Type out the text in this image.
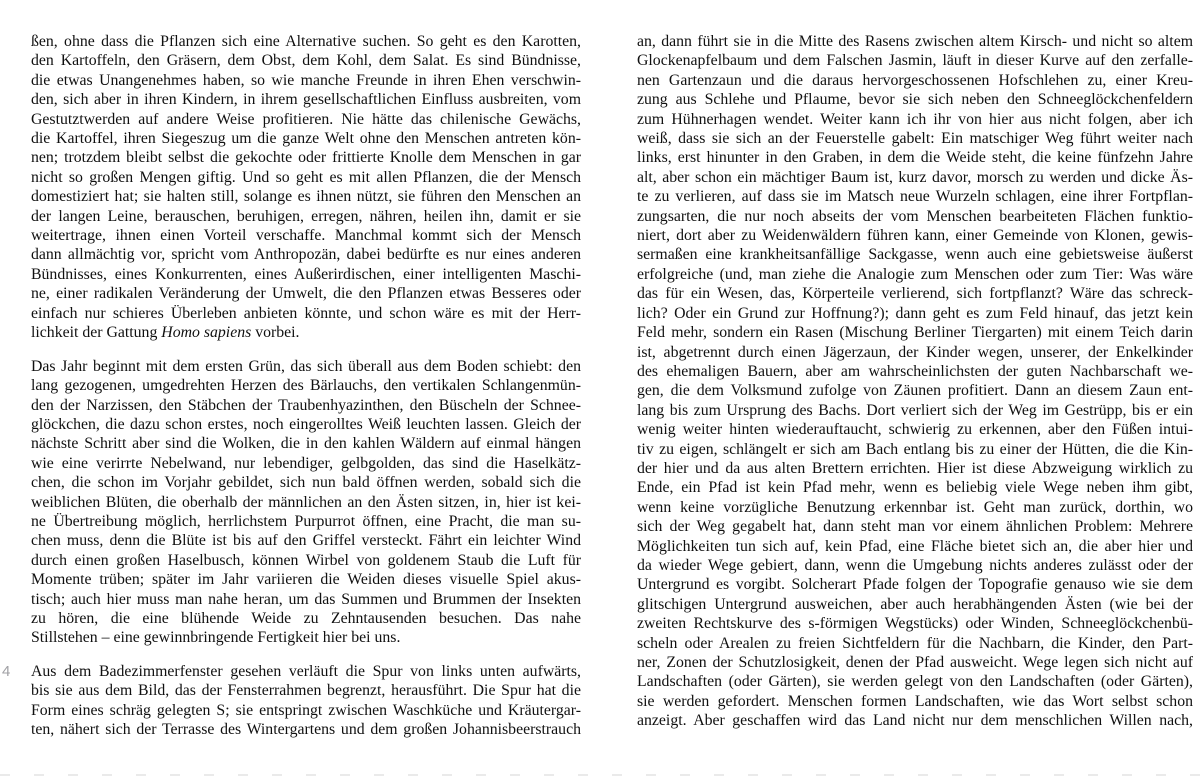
4
ßen, ohne dass die Pflanzen sich eine Alternative suchen. So geht es den Karotten,
den Kartoffeln, den Gräsern, dem Obst, dem Kohl, dem Salat. Es sind Bündnisse,
die etwas Unangenehmes haben, so wie manche Freunde in ihren Ehen verschwin-
den, sich aber in ihren Kindern, in ihrem gesellschaftlichen Einfluss ausbreiten, vom
Gestutztwerden auf andere Weise profitieren. Nie hätte das chilenische Gewächs,
die Kartoffel, ihren Siegeszug um die ganze Welt ohne den Menschen antreten kön-
nen; trotzdem bleibt selbst die gekochte oder frittierte Knolle dem Menschen in gar
nicht so großen Mengen giftig. Und so geht es mit allen Pflanzen, die der Mensch
domestiziert hat; sie halten still, solange es ihnen nützt, sie führen den Menschen an
der langen Leine, berauschen, beruhigen, erregen, nähren, heilen ihn, damit er sie
weitertrage, ihnen einen Vorteil verschaffe. Manchmal kommt sich der Mensch
dann allmächtig vor, spricht vom Anthropozän, dabei bedürfte es nur eines anderen
Bündnisses, eines Konkurrenten, eines Außerirdischen, einer intelligenten Maschi-
ne, einer radikalen Veränderung der Umwelt, die den Pflanzen etwas Besseres oder
einfach nur schieres Überleben anbieten könnte, und schon wäre es mit der Herr-
lichkeit der Gattung Homo sapiens vorbei.
Das Jahr beginnt mit dem ersten Grün, das sich überall aus dem Boden schiebt: den
lang gezogenen, umgedrehten Herzen des Bärlauchs, den vertikalen Schlangenmün-
den der Narzissen, den Stäbchen der Traubenhyazinthen, den Büscheln der Schnee-
glöckchen, die dazu schon erstes, noch eingerolltes Weiß leuchten lassen. Gleich der
nächste Schritt aber sind die Wolken, die in den kahlen Wäldern auf einmal hängen
wie eine verirrte Nebelwand, nur lebendiger, gelbgolden, das sind die Haselkätz-
chen, die schon im Vorjahr gebildet, sich nun bald öffnen werden, sobald sich die
weiblichen Blüten, die oberhalb der männlichen an den Ästen sitzen, in, hier ist kei-
ne Übertreibung möglich, herrlichstem Purpurrot öffnen, eine Pracht, die man su-
chen muss, denn die Blüte ist bis auf den Griffel versteckt. Fährt ein leichter Wind
durch einen großen Haselbusch, können Wirbel von goldenem Staub die Luft für
Momente trüben; später im Jahr variieren die Weiden dieses visuelle Spiel akus-
tisch; auch hier muss man nahe heran, um das Summen und Brummen der Insekten
zu hören, die eine blühende Weide zu Zehntausenden besuchen. Das nahe
Stillstehen – eine gewinnbringende Fertigkeit hier bei uns.
Aus dem Badezimmerfenster gesehen verläuft die Spur von links unten aufwärts,
bis sie aus dem Bild, das der Fensterrahmen begrenzt, herausführt. Die Spur hat die
Form eines schräg gelegten S; sie entspringt zwischen Waschküche und Kräutergar-
ten, nähert sich der Terrasse des Wintergartens und dem großen Johannisbeerstrauch
an, dann führt sie in die Mitte des Rasens zwischen altem Kirsch- und nicht so altem
Glockenapfelbaum und dem Falschen Jasmin, läuft in dieser Kurve auf den zerfalle-
nen Gartenzaun und die daraus hervorgeschossenen Hofschlehen zu, einer Kreu-
zung aus Schlehe und Pflaume, bevor sie sich neben den Schneeglöckchenfeldern
zum Hühnerhagen wendet. Weiter kann ich ihr von hier aus nicht folgen, aber ich
weiß, dass sie sich an der Feuerstelle gabelt: Ein matschiger Weg führt weiter nach
links, erst hinunter in den Graben, in dem die Weide steht, die keine fünfzehn Jahre
alt, aber schon ein mächtiger Baum ist, kurz davor, morsch zu werden und dicke Äs-
te zu verlieren, auf dass sie im Matsch neue Wurzeln schlagen, eine ihrer Fortpflan-
zungsarten, die nur noch abseits der vom Menschen bearbeiteten Flächen funktio-
niert, dort aber zu Weidenwäldern führen kann, einer Gemeinde von Klonen, gewis-
sermaßen eine krankheitsanfällige Sackgasse, wenn auch eine gebietsweise äußerst
erfolgreiche (und, man ziehe die Analogie zum Menschen oder zum Tier: Was wäre
das für ein Wesen, das, Körperteile verlierend, sich fortpflanzt? Wäre das schreck-
lich? Oder ein Grund zur Hoffnung?); dann geht es zum Feld hinauf, das jetzt kein
Feld mehr, sondern ein Rasen (Mischung Berliner Tiergarten) mit einem Teich darin
ist, abgetrennt durch einen Jägerzaun, der Kinder wegen, unserer, der Enkelkinder
des ehemaligen Bauern, aber am wahrscheinlichsten der guten Nachbarschaft we-
gen, die dem Volksmund zufolge von Zäunen profitiert. Dann an diesem Zaun ent-
lang bis zum Ursprung des Bachs. Dort verliert sich der Weg im Gestrüpp, bis er ein
wenig weiter hinten wiederauftaucht, schwierig zu erkennen, aber den Füßen intui-
tiv zu eigen, schlängelt er sich am Bach entlang bis zu einer der Hütten, die die Kin-
der hier und da aus alten Brettern errichten. Hier ist diese Abzweigung wirklich zu
Ende, ein Pfad ist kein Pfad mehr, wenn es beliebig viele Wege neben ihm gibt,
wenn keine vorzügliche Benutzung erkennbar ist. Geht man zurück, dorthin, wo
sich der Weg gegabelt hat, dann steht man vor einem ähnlichen Problem: Mehrere
Möglichkeiten tun sich auf, kein Pfad, eine Fläche bietet sich an, die aber hier und
da wieder Wege gebiert, dann, wenn die Umgebung nichts anderes zulässt oder der
Untergrund es vorgibt. Solcherart Pfade folgen der Topografie genauso wie sie dem
glitschigen Untergrund ausweichen, aber auch herabhängenden Ästen (wie bei der
zweiten Rechtskurve des s-förmigen Wegstücks) oder Winden, Schneeglöckchenbü-
scheln oder Arealen zu freien Sichtfeldern für die Nachbarn, die Kinder, den Part-
ner, Zonen der Schutzlosigkeit, denen der Pfad ausweicht. Wege legen sich nicht auf
Landschaften (oder Gärten), sie werden gelegt von den Landschaften (oder Gärten),
sie werden gefordert. Menschen formen Landschaften, wie das Wort selbst schon
anzeigt. Aber geschaffen wird das Land nicht nur dem menschlichen Willen nach,
